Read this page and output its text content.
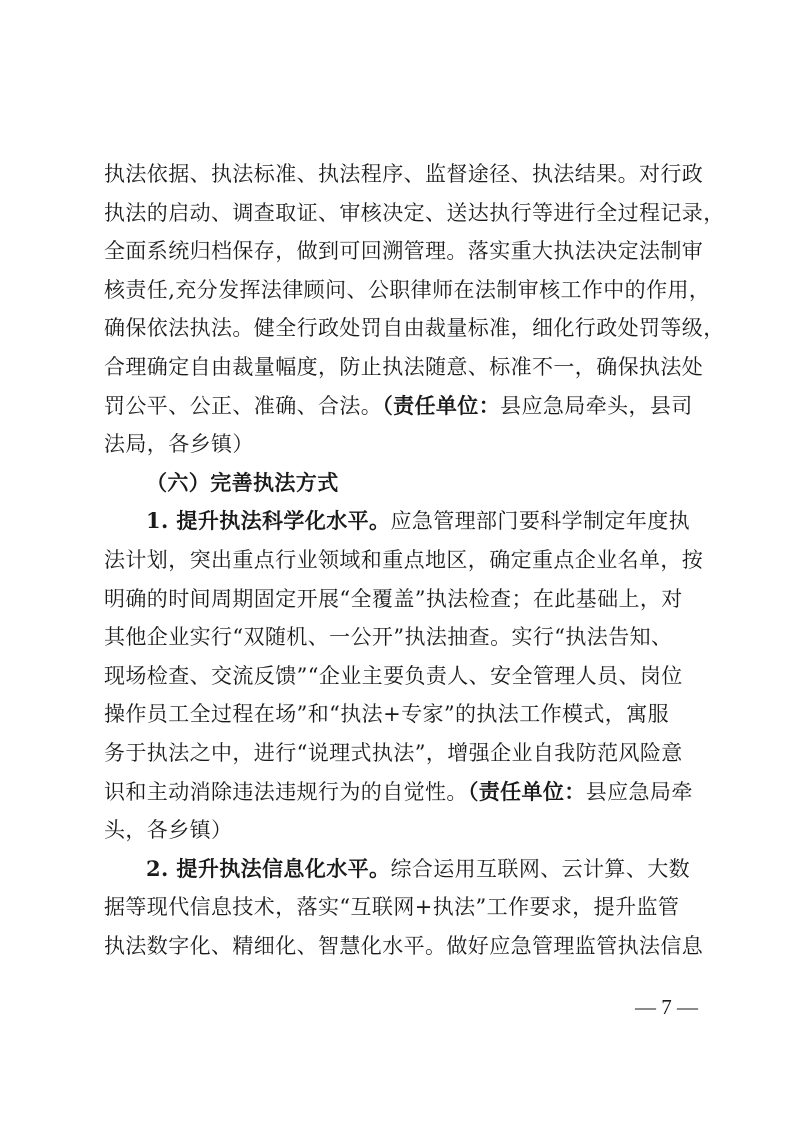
执法依据、执法标准、执法程序、监督途径、执法结果。对行政
执法的启动、调查取证、审核决定、送达执行等进行全过程记录，
全面系统归档保存，做到可回溯管理。落实重大执法决定法制审
核责任,充分发挥法律顾问、公职律师在法制审核工作中的作用，
确保依法执法。健全行政处罚自由裁量标准，细化行政处罚等级，
合理确定自由裁量幅度，防止执法随意、标准不一，确保执法处
罚公平、公正、准确、合法。（责任单位：县应急局牵头，县司
法局，各乡镇）
（六）完善执法方式
1. 提升执法科学化水平。应急管理部门要科学制定年度执
法计划，突出重点行业领域和重点地区，确定重点企业名单，按
明确的时间周期固定开展“全覆盖”执法检查；在此基础上，对
其他企业实行“双随机、一公开”执法抽查。实行“执法告知、
现场检查、交流反馈”“企业主要负责人、安全管理人员、岗位
操作员工全过程在场”和“执法+专家”的执法工作模式，寓服
务于执法之中，进行“说理式执法”，增强企业自我防范风险意
识和主动消除违法违规行为的自觉性。（责任单位：县应急局牵
头，各乡镇）
2. 提升执法信息化水平。综合运用互联网、云计算、大数
据等现代信息技术，落实“互联网+执法”工作要求，提升监管
执法数字化、精细化、智慧化水平。做好应急管理监管执法信息
— 7 —
